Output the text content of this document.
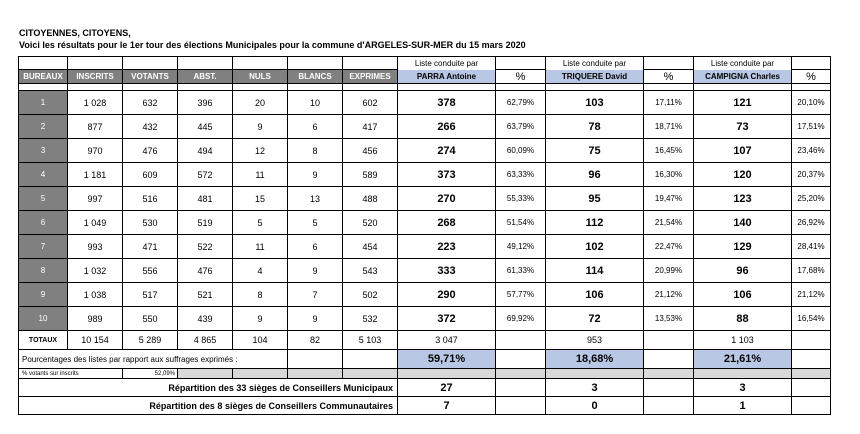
CITOYENNES, CITOYENS,
Voici les résultats pour le 1er tour des élections Municipales pour la commune d'ARGELES-SUR-MER du 15 mars 2020
							Liste conduite par		Liste conduite par		Liste conduite par	
BUREAUX	INSCRITS	VOTANTS	ABST.	NULS	BLANCS	EXPRIMES	PARRA Antoine	%	TRIQUERE David	%	CAMPIGNA Charles	%

1	1 028	632	396	20	10	602	378	62,79%	103	17,11%	121	20,10%
2	877	432	445	9	6	417	266	63,79%	78	18,71%	73	17,51%
3	970	476	494	12	8	456	274	60,09%	75	16,45%	107	23,46%
4	1 181	609	572	11	9	589	373	63,33%	96	16,30%	120	20,37%
5	997	516	481	15	13	488	270	55,33%	95	19,47%	123	25,20%
6	1 049	530	519	5	5	520	268	51,54%	112	21,54%	140	26,92%
7	993	471	522	11	6	454	223	49,12%	102	22,47%	129	28,41%
8	1 032	556	476	4	9	543	333	61,33%	114	20,99%	96	17,68%
9	1 038	517	521	8	7	502	290	57,77%	106	21,12%	106	21,12%
10	989	550	439	9	9	532	372	69,92%	72	13,53%	88	16,54%
TOTAUX	10 154	5 289	4 865	104	82	5 103	3 047		953		1 103	
Pourcentages des listes par rapport aux suffrages exprimés :							59,71%		18,68%		21,61%	
% votants sur inscrits		52,09%										
Répartition des 33 sièges de Conseillers Municipaux							27		3		3	
Répartition des 8 sièges de Conseillers Communautaires							7		0		1	
